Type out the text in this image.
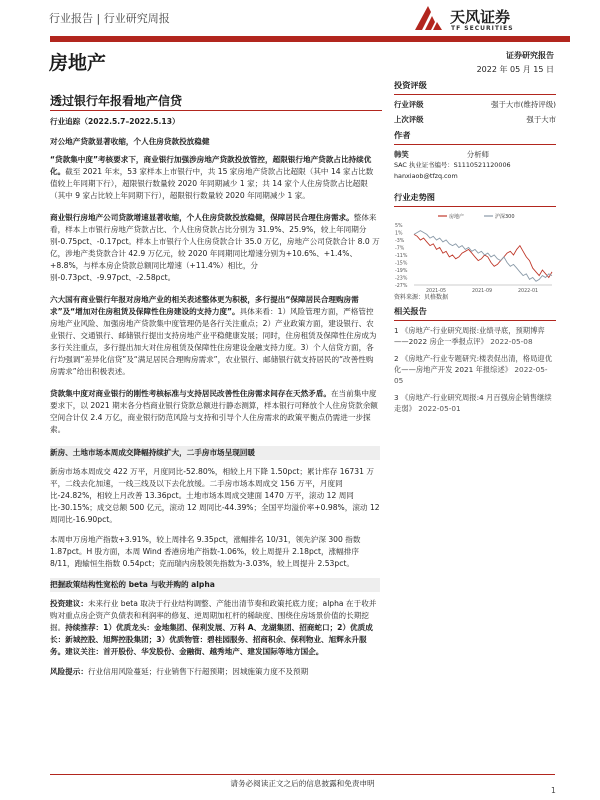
行业报告 | 行业研究周报	天风证券
TF SECURITIES
房地产	证券研究报告
2022 年 05 月 15 日
透过银行年报看地产信贷

行业追踪（2022.5.7–2022.5.13）

对公地产贷款显著收缩，个人住房贷款投放稳健

“贷款集中度”考核要求下，商业银行加强涉房地产贷款投放管控，超限银行地产贷款占比持续优化。截至 2021 年末，53 家样本上市银行中，共 15 家房地产贷款占比超限（其中 14 家占比数值较上年同期下行），超限银行数量较 2020 年同期减少 1 家；共 14 家个人住房贷款占比超限（其中 9 家占比较上年同期下行），超限银行数量较 2020 年同期减少 1 家。

商业银行房地产公司贷款增速显著收缩，个人住房贷款投放稳健，保障居民合理住房需求。整体来看，样本上市银行房地产贷款占比、个人住房贷款占比分别为 31.9%、25.9%，较上年同期分别-0.75pct、-0.17pct。样本上市银行个人住房贷款合计 35.0 万亿，房地产公司贷款合计 8.0 万亿，涉地产类贷款合计 42.9 万亿元，较 2020 年同期同比增速分别为+10.6%、+1.4%、+8.8%，与样本房企贷款总额同比增速（+11.4%）相比，分别-0.73pct、-9.97pct、-2.58pct。

六大国有商业银行年报对房地产业的相关表述整体更为积极，多行提出“保障居民合理购房需求”及“增加对住房租赁及保障性住房建设的支持力度”。具体来看：1）风险管理方面，严格管控房地产业风险、加强房地产贷款集中度管理仍是各行关注重点；2）产业政策方面，建设银行、农业银行、交通银行、邮储银行提出支持房地产业平稳健康发展；同时，住房租赁及保障性住房成为多行关注重点，多行提出加大对住房租赁及保障性住房建设金融支持力度。3）个人信贷方面，各行均强调“差异化信贷”及“满足居民合理购房需求”，农业银行、邮储银行就支持居民的“改善性购房需求”给出积极表述。

贷款集中度对商业银行的刚性考核标准与支持居民改善性住房需求间存在天然矛盾。在当前集中度要求下，以 2021 期末各分档商业银行贷款总额进行静态测算，样本银行可释放个人住房贷款余额空间合计仅 2.4 万亿，商业银行防范风险与支持和引导个人住房需求的政策平衡点仍需进一步探索。

新房、土地市场本周成交降幅持续扩大，二手房市场呈现回暖

新房市场本周成交 422 万平，月度同比-52.80%，相较上月下降 1.50pct；累计库存 16731 万平，二线去化加速，一线三线及以下去化放缓。二手房市场本周成交 156 万平，月度同比-24.82%，相较上月改善 13.36pct。土地市场本周成交建面 1470 万平，滚动 12 周同比-30.15%；成交总额 500 亿元，滚动 12 周同比-44.39%；全国平均溢价率+0.98%，滚动 12 周同比-16.90pct。

本周申万房地产指数+3.91%，较上周排名 9.35pct，涨幅排名 10/31，领先沪深 300 指数 1.87pct。H 股方面，本周 Wind 香港房地产指数-1.06%，较上周提升 2.18pct，涨幅排序 8/11，跑输恒生指数 0.54pct；克而瑞内房股领先指数为-3.03%，较上周提升 2.53pct。

把握政策结构性宽松的 beta 与收并购的 alpha

投资建议：未来行业 beta 取决于行业结构调整、产能出清节奏和政策托底力度；alpha 在于收并购对重点房企资产负债表和利润率的修复、逆周期加杠杆的稀缺度、围绕住房场景价值的长期挖掘。持续推荐：1）优质龙头：金地集团、保利发展、万科 A、龙湖集团、招商蛇口；2）优质成长：新城控股、旭辉控股集团；3）优质物管：碧桂园服务、招商积余、保利物业、旭辉永升服务。建议关注：首开股份、华发股份、金融街、越秀地产、建发国际等地方国企。

风险提示：行业信用风险蔓延；行业销售下行超预期；因城施策力度不及预期

投资评级
行业评级	强于大市(维持评级)
上次评级	强于大市
作者
韩笑	分析师
SAC 执业证书编号：S1110521120006
hanxiaob@tfzq.com
行业走势图
5%
1%
-3%
-7%
-11%
-15%
-19%
-23%
-27%
2021-05	2021-09	2022-01
房地产	沪深300
资料来源：贝格数据
相关报告
1 《房地产-行业研究周报:业绩寻底，预期博弈——2022 房企一季报点评》 2022-05-08
2 《房地产-行业专题研究:楼表促出清，格局迎优化——房地产开发 2021 年报综述》 2022-05-05
3 《房地产-行业研究周报:4 月百强房企销售继续走弱》 2022-05-01
请务必阅读正文之后的信息披露和免责申明
1
